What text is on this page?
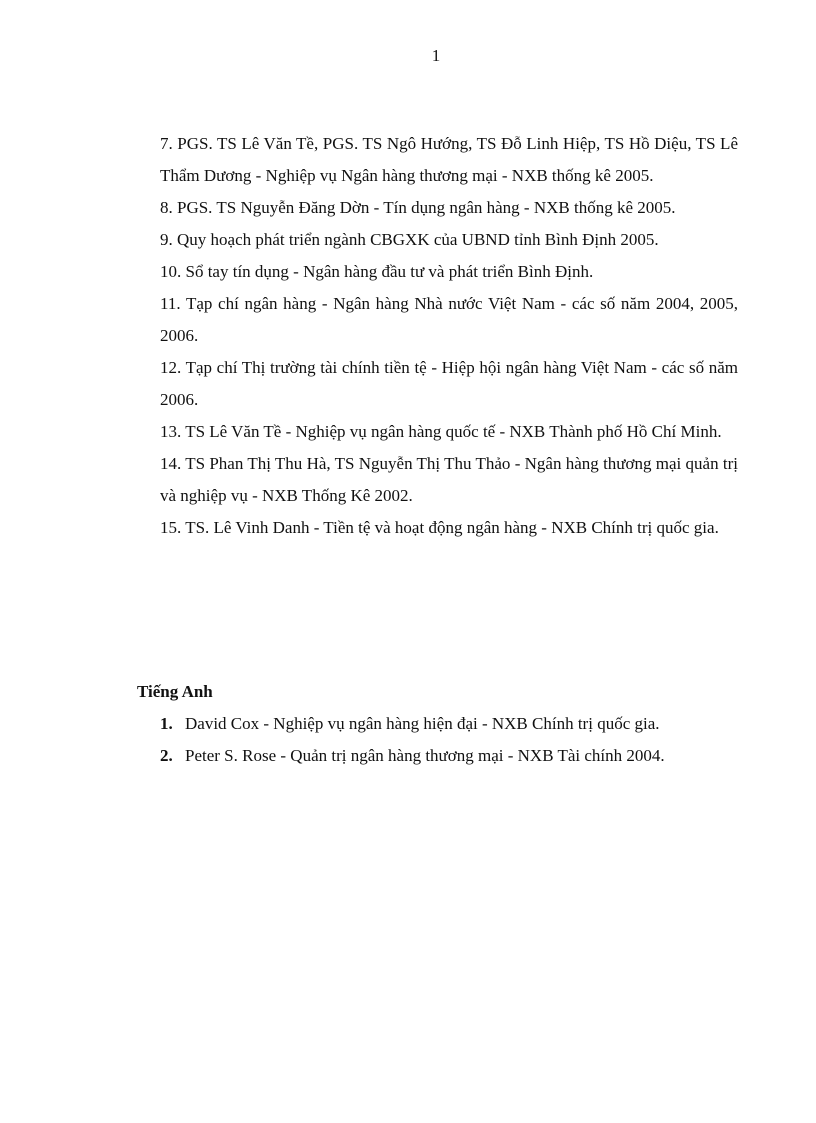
1

7. PGS. TS Lê Văn Tề, PGS. TS Ngô Hướng, TS Đỗ Linh Hiệp, TS Hồ Diệu, TS Lê Thẩm Dương - Nghiệp vụ Ngân hàng thương mại - NXB thống kê 2005.

8. PGS. TS Nguyễn Đăng Dờn - Tín dụng ngân hàng - NXB thống kê 2005.

9. Quy hoạch phát triển ngành CBGXK của UBND tỉnh Bình Định 2005.

10. Sổ tay tín dụng - Ngân hàng đầu tư và phát triển Bình Định.

11. Tạp chí ngân hàng - Ngân hàng Nhà nước Việt Nam - các số năm 2004, 2005, 2006.

12. Tạp chí Thị trường tài chính tiền tệ - Hiệp hội ngân hàng Việt Nam - các số năm 2006.

13. TS Lê Văn Tề - Nghiệp vụ ngân hàng quốc tế - NXB Thành phố Hồ Chí Minh.

14. TS Phan Thị Thu Hà, TS Nguyễn Thị Thu Thảo - Ngân hàng thương mại quản trị và nghiệp vụ - NXB Thống Kê 2002.

15. TS. Lê Vinh Danh - Tiền tệ và hoạt động ngân hàng - NXB Chính trị quốc gia.

Tiếng Anh

1. David Cox - Nghiệp vụ ngân hàng hiện đại - NXB Chính trị quốc gia.
2. Peter S. Rose - Quản trị ngân hàng thương mại - NXB Tài chính 2004.
